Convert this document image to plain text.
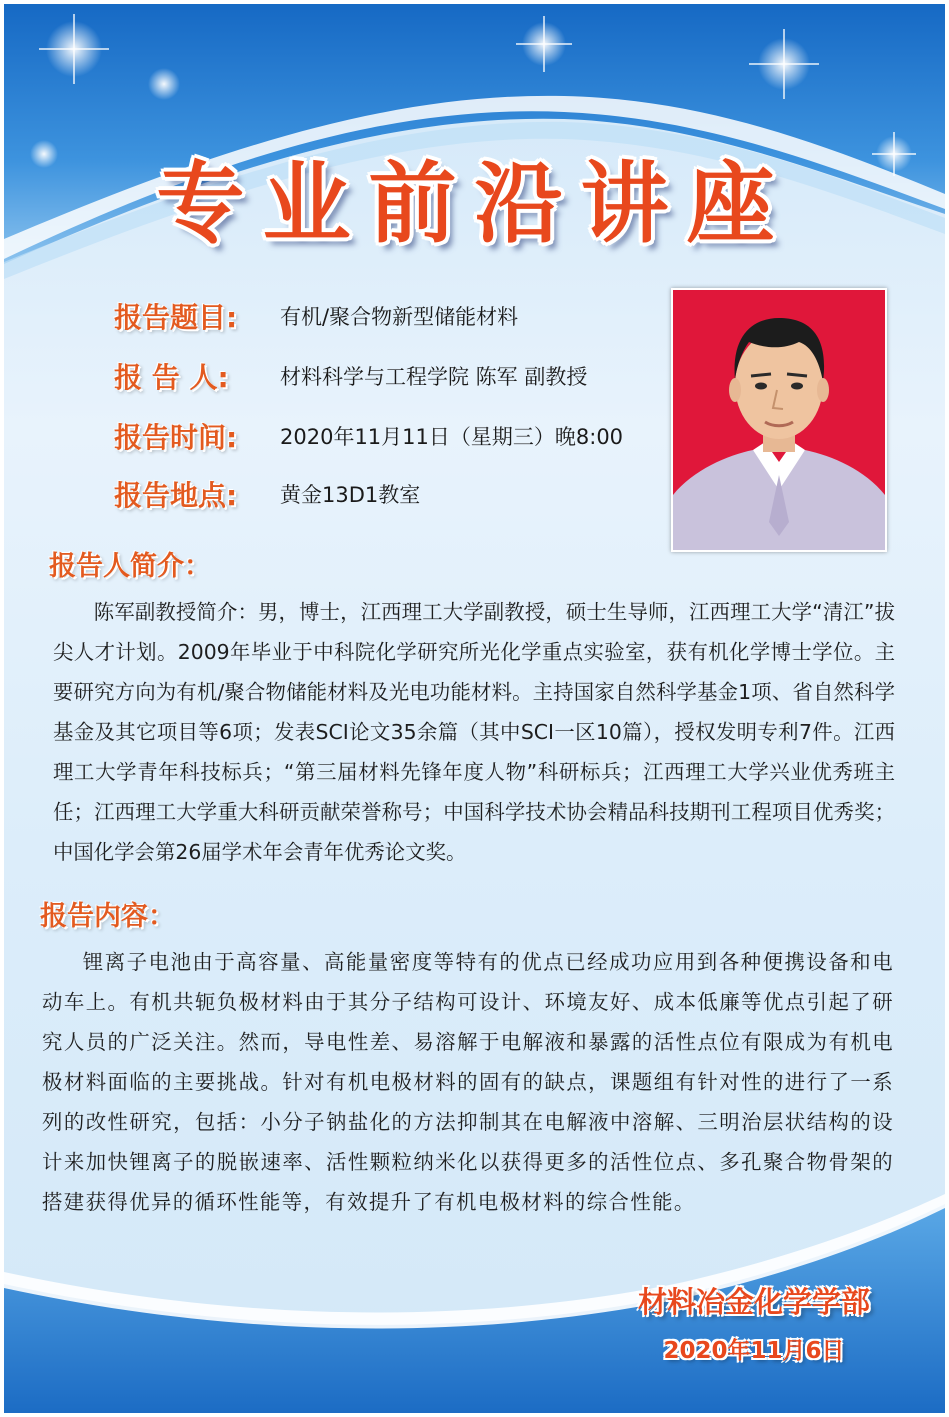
专业前沿讲座
报告题目:	有机/聚合物新型储能材料
报 告 人:	材料科学与工程学院 陈军 副教授
报告时间:	2020年11月11日（星期三）晚8:00
报告地点:	黄金13D1教室
报告人简介：
陈军副教授简介：男，博士，江西理工大学副教授，硕士生导师，江西理工大学“清江”拔尖人才计划。2009年毕业于中科院化学研究所光化学重点实验室，获有机化学博士学位。主要研究方向为有机/聚合物储能材料及光电功能材料。主持国家自然科学基金1项、省自然科学基金及其它项目等6项；发表SCI论文35余篇（其中SCI一区10篇），授权发明专利7件。江西理工大学青年科技标兵；“第三届材料先锋年度人物”科研标兵；江西理工大学兴业优秀班主任；江西理工大学重大科研贡献荣誉称号；中国科学技术协会精品科技期刊工程项目优秀奖；中国化学会第26届学术年会青年优秀论文奖。
报告内容：
锂离子电池由于高容量、高能量密度等特有的优点已经成功应用到各种便携设备和电动车上。有机共轭负极材料由于其分子结构可设计、环境友好、成本低廉等优点引起了研究人员的广泛关注。然而，导电性差、易溶解于电解液和暴露的活性点位有限成为有机电极材料面临的主要挑战。针对有机电极材料的固有的缺点，课题组有针对性的进行了一系列的改性研究，包括：小分子钠盐化的方法抑制其在电解液中溶解、三明治层状结构的设计来加快锂离子的脱嵌速率、活性颗粒纳米化以获得更多的活性位点、多孔聚合物骨架的搭建获得优异的循环性能等，有效提升了有机电极材料的综合性能。
材料冶金化学学部
2020年11月6日
